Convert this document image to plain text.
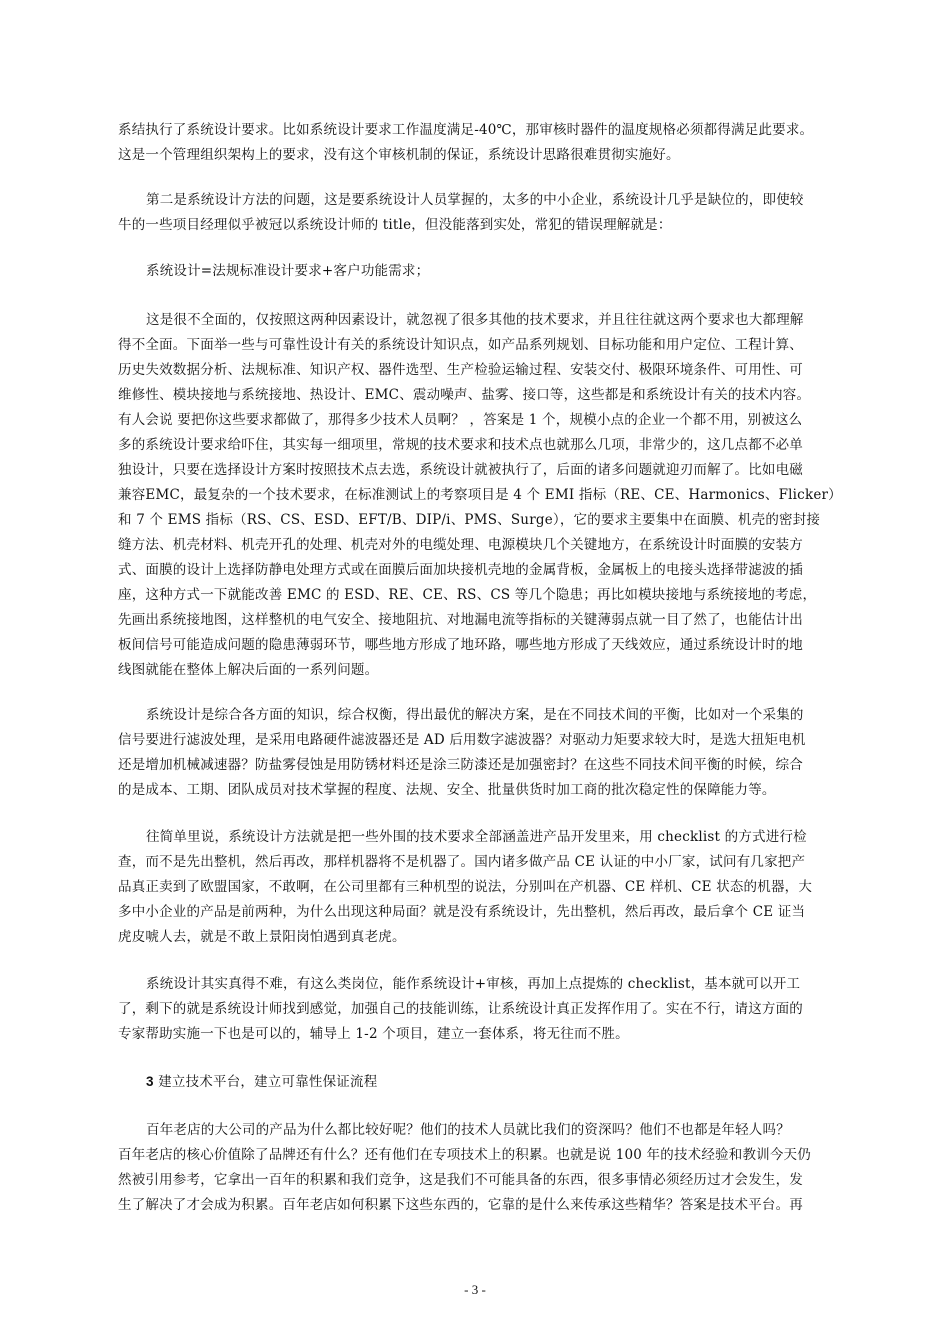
系结执行了系统设计要求。比如系统设计要求工作温度满足-40℃，那审核时器件的温度规格必须都得满足此要求。
这是一个管理组织架构上的要求，没有这个审核机制的保证，系统设计思路很难贯彻实施好。
第二是系统设计方法的问题，这是要系统设计人员掌握的，太多的中小企业，系统设计几乎是缺位的，即使较
牛的一些项目经理似乎被冠以系统设计师的 title，但没能落到实处，常犯的错误理解就是：
系统设计=法规标准设计要求+客户功能需求；
这是很不全面的，仅按照这两种因素设计，就忽视了很多其他的技术要求，并且往往就这两个要求也大都理解
得不全面。下面举一些与可靠性设计有关的系统设计知识点，如产品系列规划、目标功能和用户定位、工程计算、
历史失效数据分析、法规标准、知识产权、器件选型、生产检验运输过程、安装交付、极限环境条件、可用性、可
维修性、模块接地与系统接地、热设计、EMC、震动噪声、盐雾、接口等，这些都是和系统设计有关的技术内容。
有人会说 要把你这些要求都做了，那得多少技术人员啊？ ，答案是 1 个，规模小点的企业一个都不用，别被这么
多的系统设计要求给吓住，其实每一细项里，常规的技术要求和技术点也就那么几项，非常少的，这几点都不必单
独设计，只要在选择设计方案时按照技术点去选，系统设计就被执行了，后面的诸多问题就迎刃而解了。比如电磁
兼容EMC，最复杂的一个技术要求，在标准测试上的考察项目是 4 个 EMI 指标（RE、CE、Harmonics、Flicker）
和 7 个 EMS 指标（RS、CS、ESD、EFT/B、DIP/i、PMS、Surge），它的要求主要集中在面膜、机壳的密封接
缝方法、机壳材料、机壳开孔的处理、机壳对外的电缆处理、电源模块几个关键地方，在系统设计时面膜的安装方
式、面膜的设计上选择防静电处理方式或在面膜后面加块接机壳地的金属背板，金属板上的电接头选择带滤波的插
座，这种方式一下就能改善 EMC 的 ESD、RE、CE、RS、CS 等几个隐患；再比如模块接地与系统接地的考虑，
先画出系统接地图，这样整机的电气安全、接地阻抗、对地漏电流等指标的关键薄弱点就一目了然了，也能估计出
板间信号可能造成问题的隐患薄弱环节，哪些地方形成了地环路，哪些地方形成了天线效应，通过系统设计时的地
线图就能在整体上解决后面的一系列问题。
系统设计是综合各方面的知识，综合权衡，得出最优的解决方案，是在不同技术间的平衡，比如对一个采集的
信号要进行滤波处理，是采用电路硬件滤波器还是 AD 后用数字滤波器？对驱动力矩要求较大时，是选大扭矩电机
还是增加机械减速器？防盐雾侵蚀是用防锈材料还是涂三防漆还是加强密封？在这些不同技术间平衡的时候，综合
的是成本、工期、团队成员对技术掌握的程度、法规、安全、批量供货时加工商的批次稳定性的保障能力等。
往简单里说，系统设计方法就是把一些外围的技术要求全部涵盖进产品开发里来，用 checklist 的方式进行检
查，而不是先出整机，然后再改，那样机器将不是机器了。国内诸多做产品 CE 认证的中小厂家，试问有几家把产
品真正卖到了欧盟国家，不敢啊，在公司里都有三种机型的说法，分别叫在产机器、CE 样机、CE 状态的机器，大
多中小企业的产品是前两种，为什么出现这种局面？就是没有系统设计，先出整机，然后再改，最后拿个 CE 证当
虎皮唬人去，就是不敢上景阳岗怕遇到真老虎。
系统设计其实真得不难，有这么类岗位，能作系统设计+审核，再加上点提炼的 checklist，基本就可以开工
了，剩下的就是系统设计师找到感觉，加强自己的技能训练，让系统设计真正发挥作用了。实在不行，请这方面的
专家帮助实施一下也是可以的，辅导上 1-2 个项目，建立一套体系，将无往而不胜。
3 建立技术平台，建立可靠性保证流程
百年老店的大公司的产品为什么都比较好呢？他们的技术人员就比我们的资深吗？他们不也都是年轻人吗？
百年老店的核心价值除了品牌还有什么？还有他们在专项技术上的积累。也就是说 100 年的技术经验和教训今天仍
然被引用参考，它拿出一百年的积累和我们竞争，这是我们不可能具备的东西，很多事情必须经历过才会发生，发
生了解决了才会成为积累。百年老店如何积累下这些东西的，它靠的是什么来传承这些精华？答案是技术平台。再
- 3 -
